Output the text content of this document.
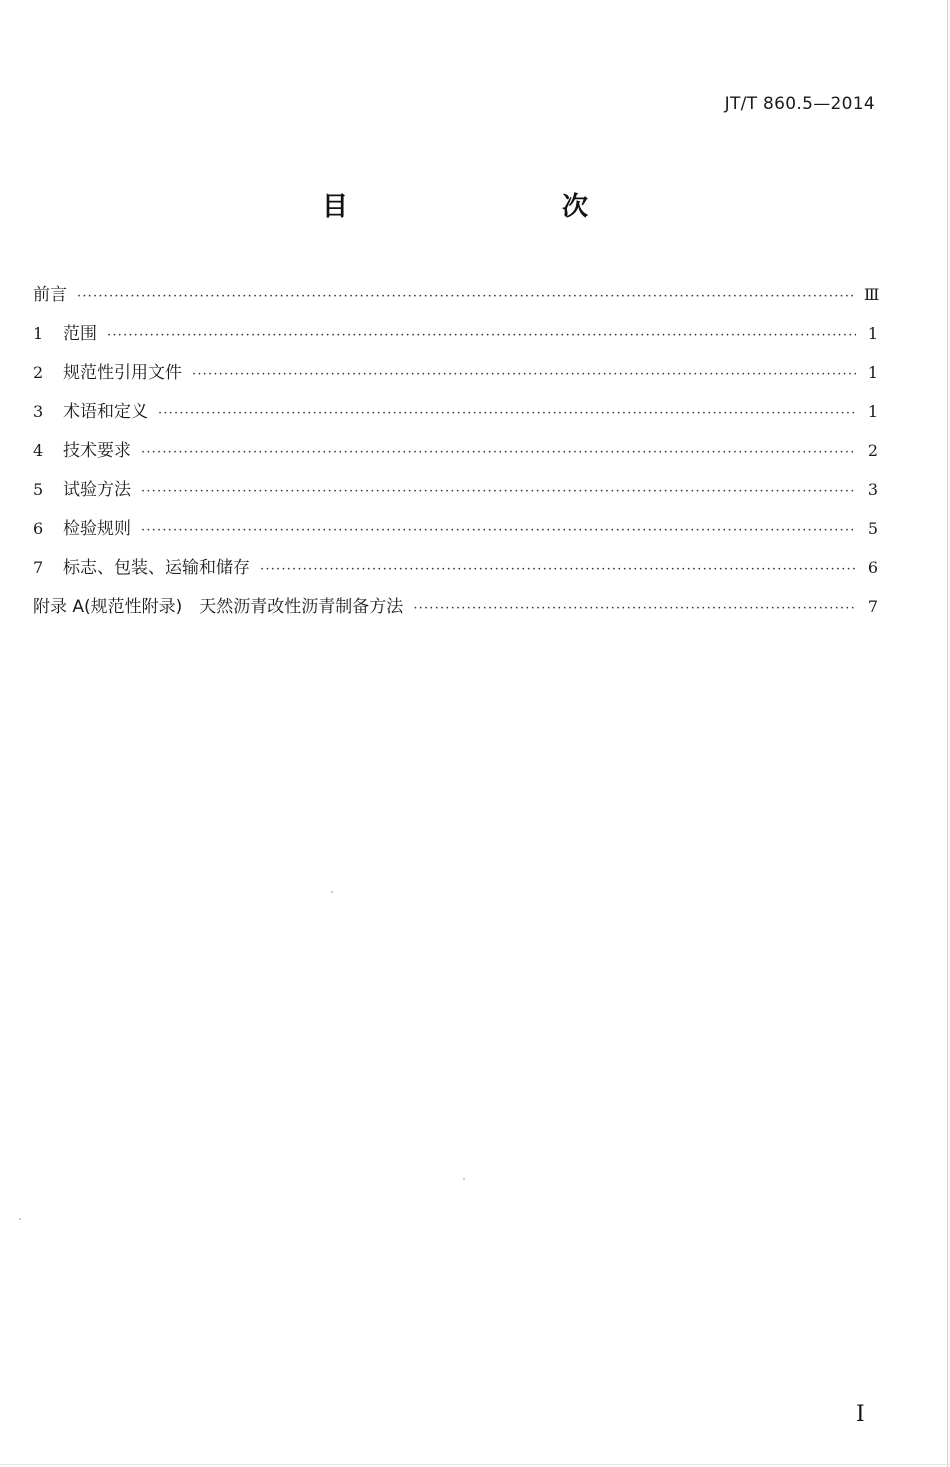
JT/T 860.5—2014
目　　次
前言 ·····	Ⅲ
1	范围 ·····	1
2	规范性引用文件 ·····	1
3	术语和定义 ·····	1
4	技术要求 ·····	2
5	试验方法 ·····	3
6	检验规则 ·····	5
7	标志、包装、运输和储存 ·····	6
附录 A(规范性附录)　天然沥青改性沥青制备方法 ·····	7
I
